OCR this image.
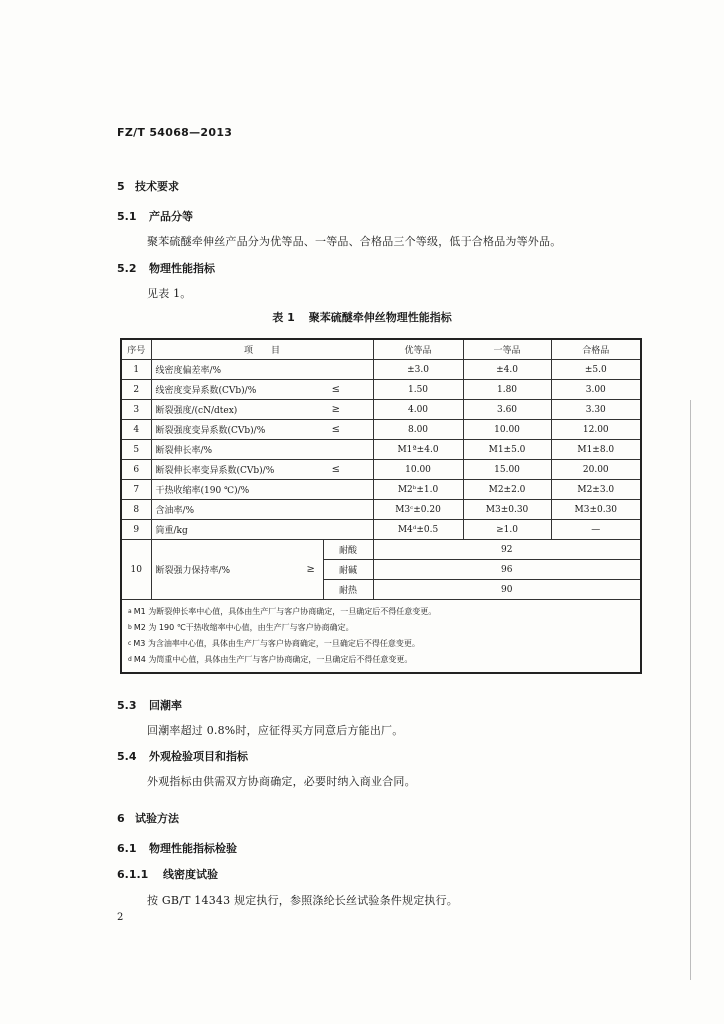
FZ/T 54068—2013
5 技术要求
5.1 产品分等
聚苯硫醚牵伸丝产品分为优等品、一等品、合格品三个等级，低于合格品为等外品。
5.2 物理性能指标
见表 1。
表 1 聚苯硫醚牵伸丝物理性能指标
序号	项　　目			优等品	一等品	合格品
1	线密度偏差率/%			±3.0	±4.0	±5.0
2	线密度变异系数(CVb)/%	≤		1.50	1.80	3.00
3	断裂强度/(cN/dtex)	≥		4.00	3.60	3.30
4	断裂强度变异系数(CVb)/%	≤		8.00	10.00	12.00
5	断裂伸长率/%			M1ª±4.0	M1±5.0	M1±8.0
6	断裂伸长率变异系数(CVb)/%	≤		10.00	15.00	20.00
7	干热收缩率(190 ℃)/%			M2ᵇ±1.0	M2±2.0	M2±3.0
8	含油率/%			M3ᶜ±0.20	M3±0.30	M3±0.30
9	筒重/kg			M4ᵈ±0.5	≥1.0	—
10	断裂强力保持率/%	≥	耐酸	92		
			耐碱	96		
			耐热	90		

$^a$ M1 为断裂伸长率中心值，具体由生产厂与客户协商确定，一旦确定后不得任意变更。
$^b$ M2 为 190 ℃干热收缩率中心值，由生产厂与客户协商确定。
$^c$ M3 为含油率中心值，具体由生产厂与客户协商确定，一旦确定后不得任意变更。
$^d$ M4 为筒重中心值，具体由生产厂与客户协商确定，一旦确定后不得任意变更。						
5.3 回潮率
回潮率超过 0.8%时，应征得买方同意后方能出厂。
5.4 外观检验项目和指标
外观指标由供需双方协商确定，必要时纳入商业合同。
6 试验方法
6.1 物理性能指标检验
6.1.1 线密度试验
按 GB/T 14343 规定执行，参照涤纶长丝试验条件规定执行。
2
